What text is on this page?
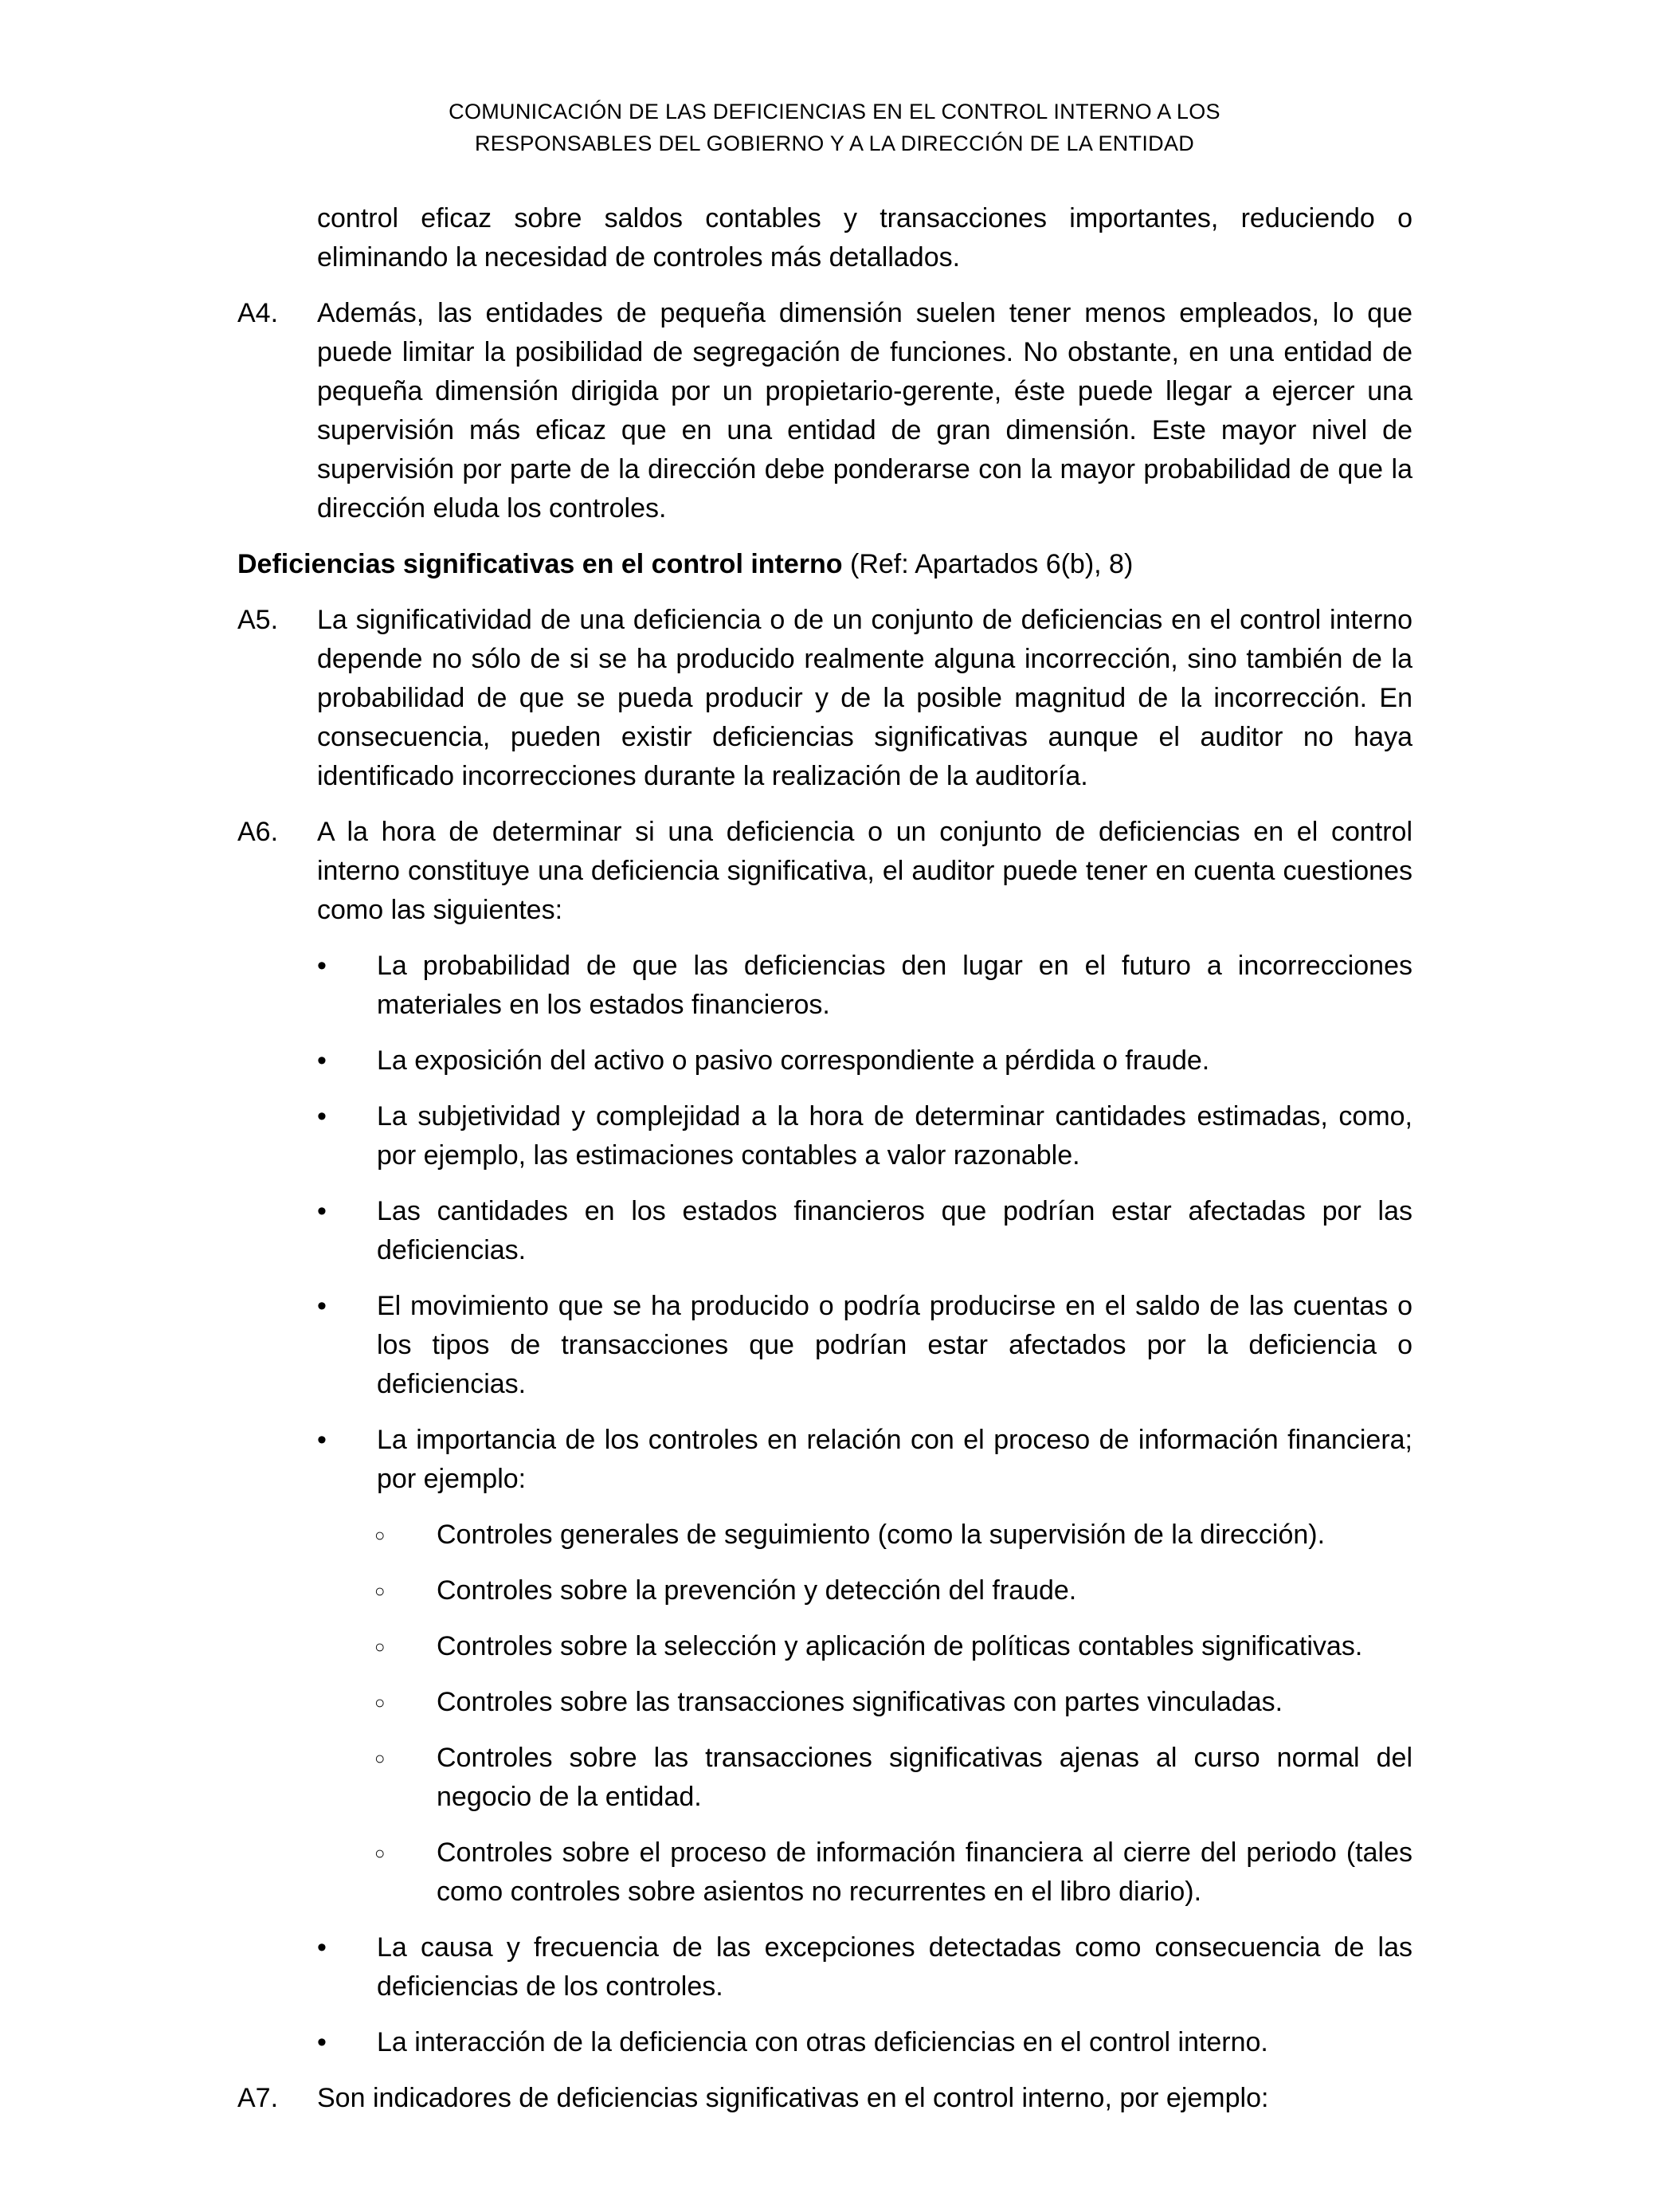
COMUNICACIÓN DE LAS DEFICIENCIAS EN EL CONTROL INTERNO A LOS
RESPONSABLES DEL GOBIERNO Y A LA DIRECCIÓN DE LA ENTIDAD
control eficaz sobre saldos contables y transacciones importantes, reduciendo o eliminando la necesidad de controles más detallados.
A4. Además, las entidades de pequeña dimensión suelen tener menos empleados, lo que puede limitar la posibilidad de segregación de funciones. No obstante, en una entidad de pequeña dimensión dirigida por un propietario-gerente, éste puede llegar a ejercer una supervisión más eficaz que en una entidad de gran dimensión. Este mayor nivel de supervisión por parte de la dirección debe ponderarse con la mayor probabilidad de que la dirección eluda los controles.
Deficiencias significativas en el control interno (Ref: Apartados 6(b), 8)
A5. La significatividad de una deficiencia o de un conjunto de deficiencias en el control interno depende no sólo de si se ha producido realmente alguna incorrección, sino también de la probabilidad de que se pueda producir y de la posible magnitud de la incorrección. En consecuencia, pueden existir deficiencias significativas aunque el auditor no haya identificado incorrecciones durante la realización de la auditoría.
A6. A la hora de determinar si una deficiencia o un conjunto de deficiencias en el control interno constituye una deficiencia significativa, el auditor puede tener en cuenta cuestiones como las siguientes:
• La probabilidad de que las deficiencias den lugar en el futuro a incorrecciones materiales en los estados financieros.
• La exposición del activo o pasivo correspondiente a pérdida o fraude.
• La subjetividad y complejidad a la hora de determinar cantidades estimadas, como, por ejemplo, las estimaciones contables a valor razonable.
• Las cantidades en los estados financieros que podrían estar afectadas por las deficiencias.
• El movimiento que se ha producido o podría producirse en el saldo de las cuentas o los tipos de transacciones que podrían estar afectados por la deficiencia o deficiencias.
• La importancia de los controles en relación con el proceso de información financiera; por ejemplo:
○ Controles generales de seguimiento (como la supervisión de la dirección).
○ Controles sobre la prevención y detección del fraude.
○ Controles sobre la selección y aplicación de políticas contables significativas.
○ Controles sobre las transacciones significativas con partes vinculadas.
○ Controles sobre las transacciones significativas ajenas al curso normal del negocio de la entidad.
○ Controles sobre el proceso de información financiera al cierre del periodo (tales como controles sobre asientos no recurrentes en el libro diario).
• La causa y frecuencia de las excepciones detectadas como consecuencia de las deficiencias de los controles.
• La interacción de la deficiencia con otras deficiencias en el control interno.
A7. Son indicadores de deficiencias significativas en el control interno, por ejemplo:
